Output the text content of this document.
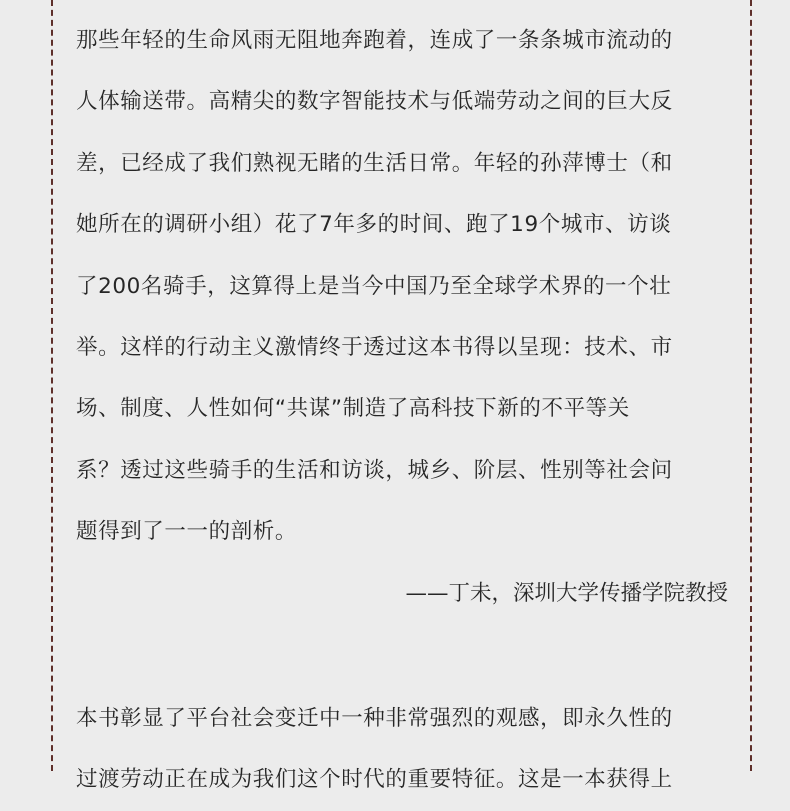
那些年轻的生命风雨无阻地奔跑着，连成了一条条城市流动的

人体输送带。高精尖的数字智能技术与低端劳动之间的巨大反

差，已经成了我们熟视无睹的生活日常。年轻的孙萍博士（和

她所在的调研小组）花了7年多的时间、跑了19个城市、访谈

了200名骑手，这算得上是当今中国乃至全球学术界的一个壮

举。这样的行动主义激情终于透过这本书得以呈现：技术、市

场、制度、人性如何“共谋”制造了高科技下新的不平等关

系？透过这些骑手的生活和访谈，城乡、阶层、性别等社会问

题得到了一一的剖析。

——丁未，深圳大学传播学院教授

本书彰显了平台社会变迁中一种非常强烈的观感，即永久性的

过渡劳动正在成为我们这个时代的重要特征。这是一本获得上
